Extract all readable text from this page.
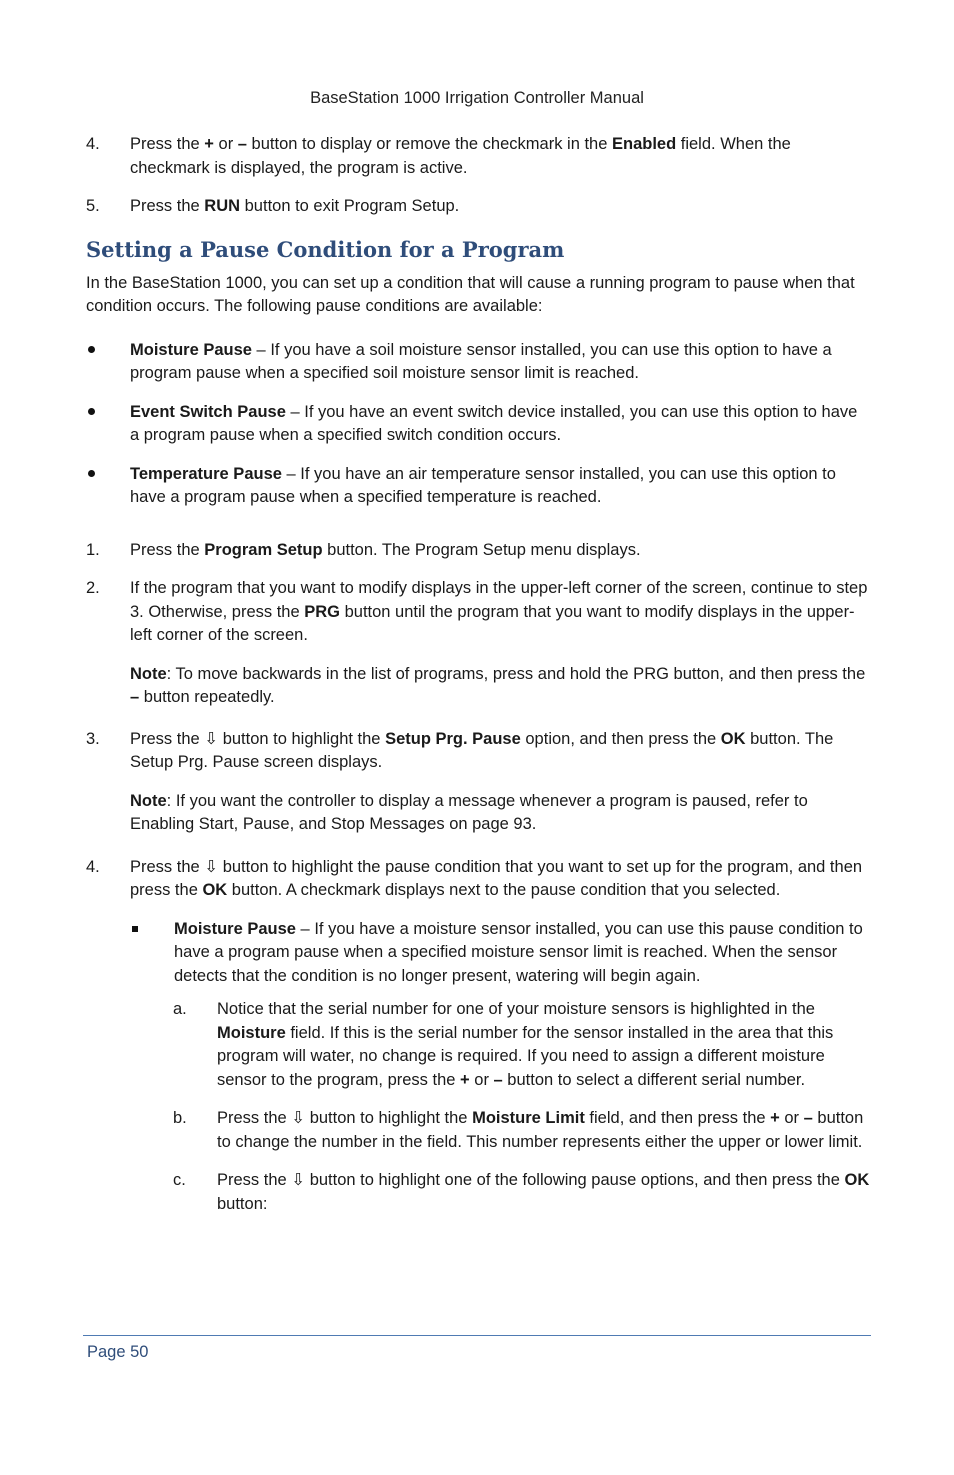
BaseStation 1000 Irrigation Controller Manual
4.	Press the + or – button to display or remove the checkmark in the Enabled field. When the checkmark is displayed, the program is active.
5.	Press the RUN button to exit Program Setup.
Setting a Pause Condition for a Program
In the BaseStation 1000, you can set up a condition that will cause a running program to pause when that condition occurs. The following pause conditions are available:
Moisture Pause – If you have a soil moisture sensor installed, you can use this option to have a program pause when a specified soil moisture sensor limit is reached.
Event Switch Pause – If you have an event switch device installed, you can use this option to have a program pause when a specified switch condition occurs.
Temperature Pause – If you have an air temperature sensor installed, you can use this option to have a program pause when a specified temperature is reached.
1.	Press the Program Setup button. The Program Setup menu displays.
2.	If the program that you want to modify displays in the upper-left corner of the screen, continue to step 3. Otherwise, press the PRG button until the program that you want to modify displays in the upper-left corner of the screen.
Note: To move backwards in the list of programs, press and hold the PRG button, and then press the – button repeatedly.
3.	Press the ⇩ button to highlight the Setup Prg. Pause option, and then press the OK button. The Setup Prg. Pause screen displays.
Note: If you want the controller to display a message whenever a program is paused, refer to Enabling Start, Pause, and Stop Messages on page 93.
4.	Press the ⇩ button to highlight the pause condition that you want to set up for the program, and then press the OK button. A checkmark displays next to the pause condition that you selected.
Moisture Pause – If you have a moisture sensor installed, you can use this pause condition to have a program pause when a specified moisture sensor limit is reached. When the sensor detects that the condition is no longer present, watering will begin again.
a.	Notice that the serial number for one of your moisture sensors is highlighted in the Moisture field. If this is the serial number for the sensor installed in the area that this program will water, no change is required. If you need to assign a different moisture sensor to the program, press the + or – button to select a different serial number.
b.	Press the ⇩ button to highlight the Moisture Limit field, and then press the + or – button to change the number in the field. This number represents either the upper or lower limit.
c.	Press the ⇩ button to highlight one of the following pause options, and then press the OK button:
Page 50
